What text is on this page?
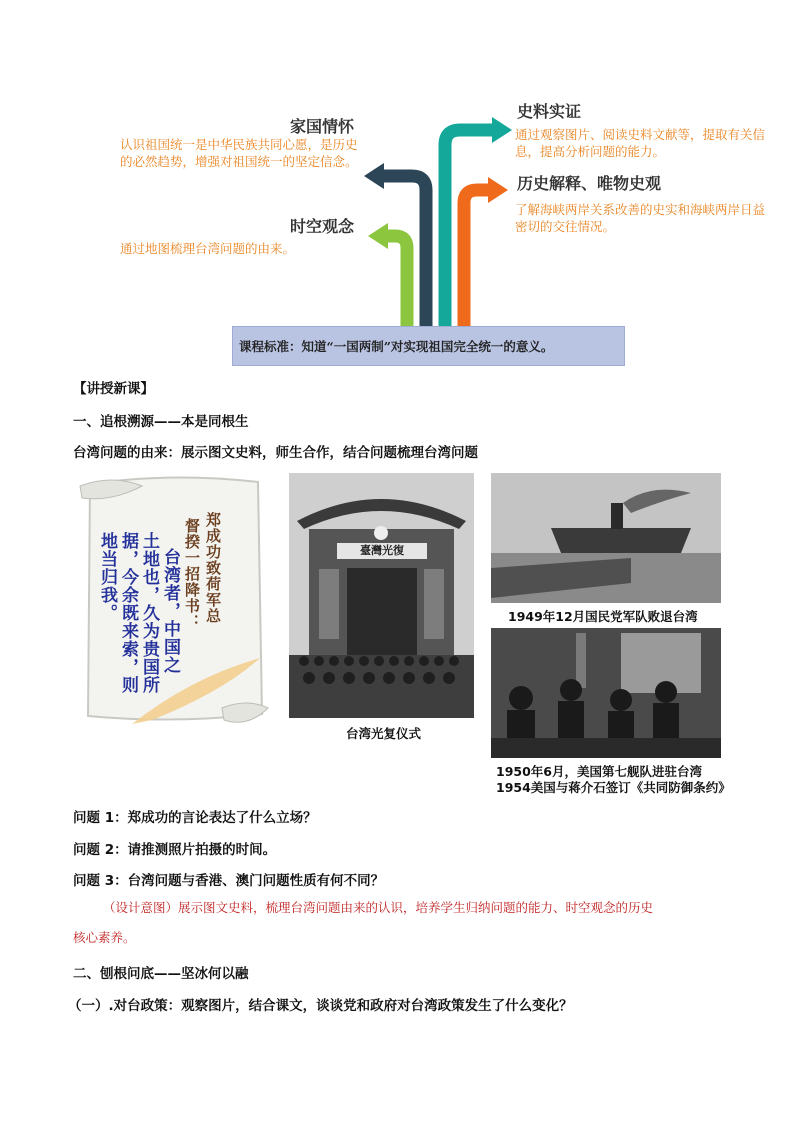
家国情怀
认识祖国统一是中华民族共同心愿，是历史的必然趋势，增强对祖国统一的坚定信念。
时空观念
通过地图梳理台湾问题的由来。
史料实证
通过观察图片、阅读史料文献等，提取有关信息，提高分析问题的能力。
历史解释、唯物史观
了解海峡两岸关系改善的史实和海峡两岸日益密切的交往情况。
课程标准：知道“一国两制”对实现祖国完全统一的意义。
【讲授新课】
一、追根溯源——本是同根生
台湾问题的由来：展示图文史料，师生合作，结合问题梳理台湾问题
郑成功致荷军总
督揆一招降书：
台湾者，中国之
土地也，久为贵国所
据，今余既来索，则
地当归我。	臺灣光復
台湾光复仪式
1949年12月国民党军队败退台湾
1950年6月，美国第七舰队进驻台湾
1954美国与蒋介石签订《共同防御条约》
问题 1：郑成功的言论表达了什么立场？
问题 2：请推测照片拍摄的时间。
问题 3：台湾问题与香港、澳门问题性质有何不同？
（设计意图）展示图文史料，梳理台湾问题由来的认识，培养学生归纳问题的能力、时空观念的历史
核心素养。
二、刨根问底——坚冰何以融
（一）.对台政策：观察图片，结合课文，谈谈党和政府对台湾政策发生了什么变化？
